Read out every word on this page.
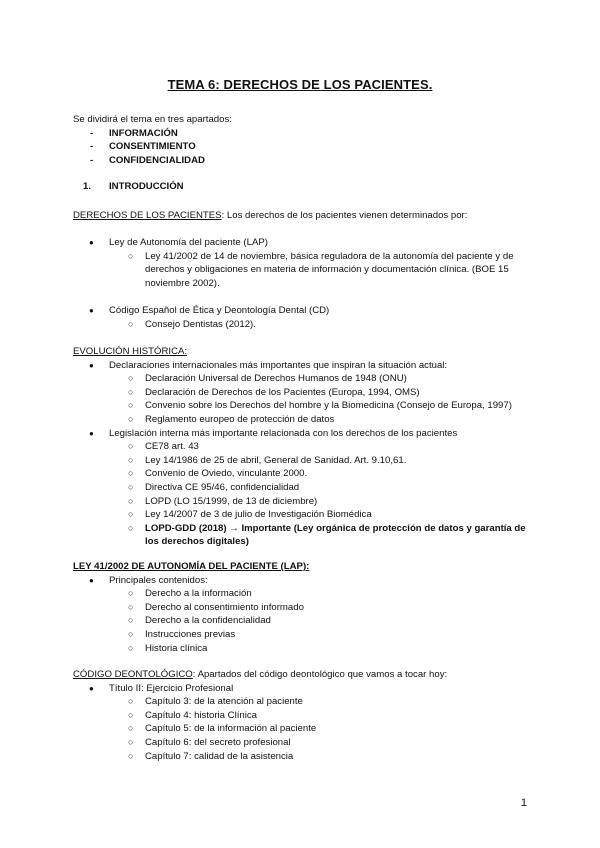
TEMA 6: DERECHOS DE LOS PACIENTES.
Se dividirá el tema en tres apartados:
- INFORMACIÓN
- CONSENTIMIENTO
- CONFIDENCIALIDAD
1. INTRODUCCIÓN
DERECHOS DE LOS PACIENTES: Los derechos de los pacientes vienen determinados por:
● Ley de Autonomía del paciente (LAP)
○ Ley 41/2002 de 14 de noviembre, básica reguladora de la autonomía del paciente y de derechos y obligaciones en materia de información y documentación clínica. (BOE 15 noviembre 2002).
● Código Español de Ética y Deontología Dental (CD)
○ Consejo Dentistas (2012).
EVOLUCIÓN HISTÓRICA:
● Declaraciones internacionales más importantes que inspiran la situación actual:
○ Declaración Universal de Derechos Humanos de 1948 (ONU)
○ Declaración de Derechos de los Pacientes (Europa, 1994, OMS)
○ Convenio sobre los Derechos del hombre y la Biomedicina (Consejo de Europa, 1997)
○ Reglamento europeo de protección de datos
● Legislación interna más importante relacionada con los derechos de los pacientes
○ CE78 art. 43
○ Ley 14/1986 de 25 de abril, General de Sanidad. Art. 9.10,61.
○ Convenio de Oviedo, vinculante 2000.
○ Directiva CE 95/46, confidencialidad
○ LOPD (LO 15/1999, de 13 de diciembre)
○ Ley 14/2007 de 3 de julio de Investigación Biomédica
○ LOPD-GDD (2018) → Importante (Ley orgánica de protección de datos y garantía de los derechos digitales)
LEY 41/2002 DE AUTONOMÍA DEL PACIENTE (LAP):
● Principales contenidos:
○ Derecho a la información
○ Derecho al consentimiento informado
○ Derecho a la confidencialidad
○ Instrucciones previas
○ Historia clínica
CÓDIGO DEONTOLÓGICO: Apartados del código deontológico que vamos a tocar hoy:
● Título II: Ejercicio Profesional
○ Capítulo 3: de la atención al paciente
○ Capítulo 4: historia Clínica
○ Capítulo 5: de la información al paciente
○ Capítulo 6: del secreto profesional
○ Capítulo 7: calidad de la asistencia
1
